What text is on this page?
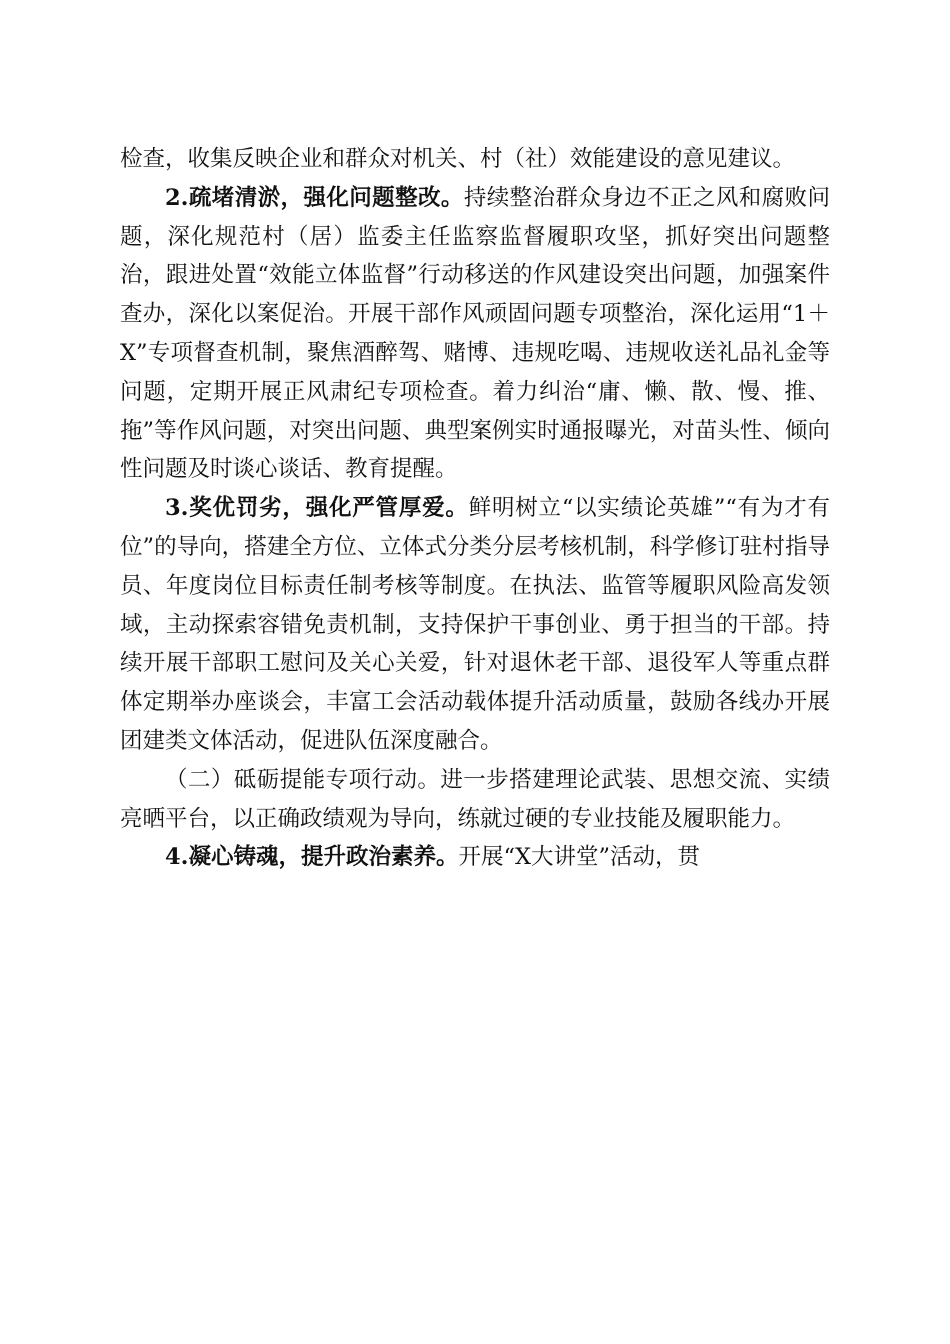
检查，收集反映企业和群众对机关、村（社）效能建设的意见建议。

2.疏堵清淤，强化问题整改。持续整治群众身边不正之风和腐败问题，深化规范村（居）监委主任监察监督履职攻坚，抓好突出问题整治，跟进处置“效能立体监督”行动移送的作风建设突出问题，加强案件查办，深化以案促治。开展干部作风顽固问题专项整治，深化运用“1＋X”专项督查机制，聚焦酒醉驾、赌博、违规吃喝、违规收送礼品礼金等问题，定期开展正风肃纪专项检查。着力纠治“庸、懒、散、慢、推、拖”等作风问题，对突出问题、典型案例实时通报曝光，对苗头性、倾向性问题及时谈心谈话、教育提醒。

3.奖优罚劣，强化严管厚爱。鲜明树立“以实绩论英雄”“有为才有位”的导向，搭建全方位、立体式分类分层考核机制，科学修订驻村指导员、年度岗位目标责任制考核等制度。在执法、监管等履职风险高发领域，主动探索容错免责机制，支持保护干事创业、勇于担当的干部。持续开展干部职工慰问及关心关爱，针对退休老干部、退役军人等重点群体定期举办座谈会，丰富工会活动载体提升活动质量，鼓励各线办开展团建类文体活动，促进队伍深度融合。

（二）砥砺提能专项行动。进一步搭建理论武装、思想交流、实绩亮晒平台，以正确政绩观为导向，练就过硬的专业技能及履职能力。

4.凝心铸魂，提升政治素养。开展“X大讲堂”活动，贯
